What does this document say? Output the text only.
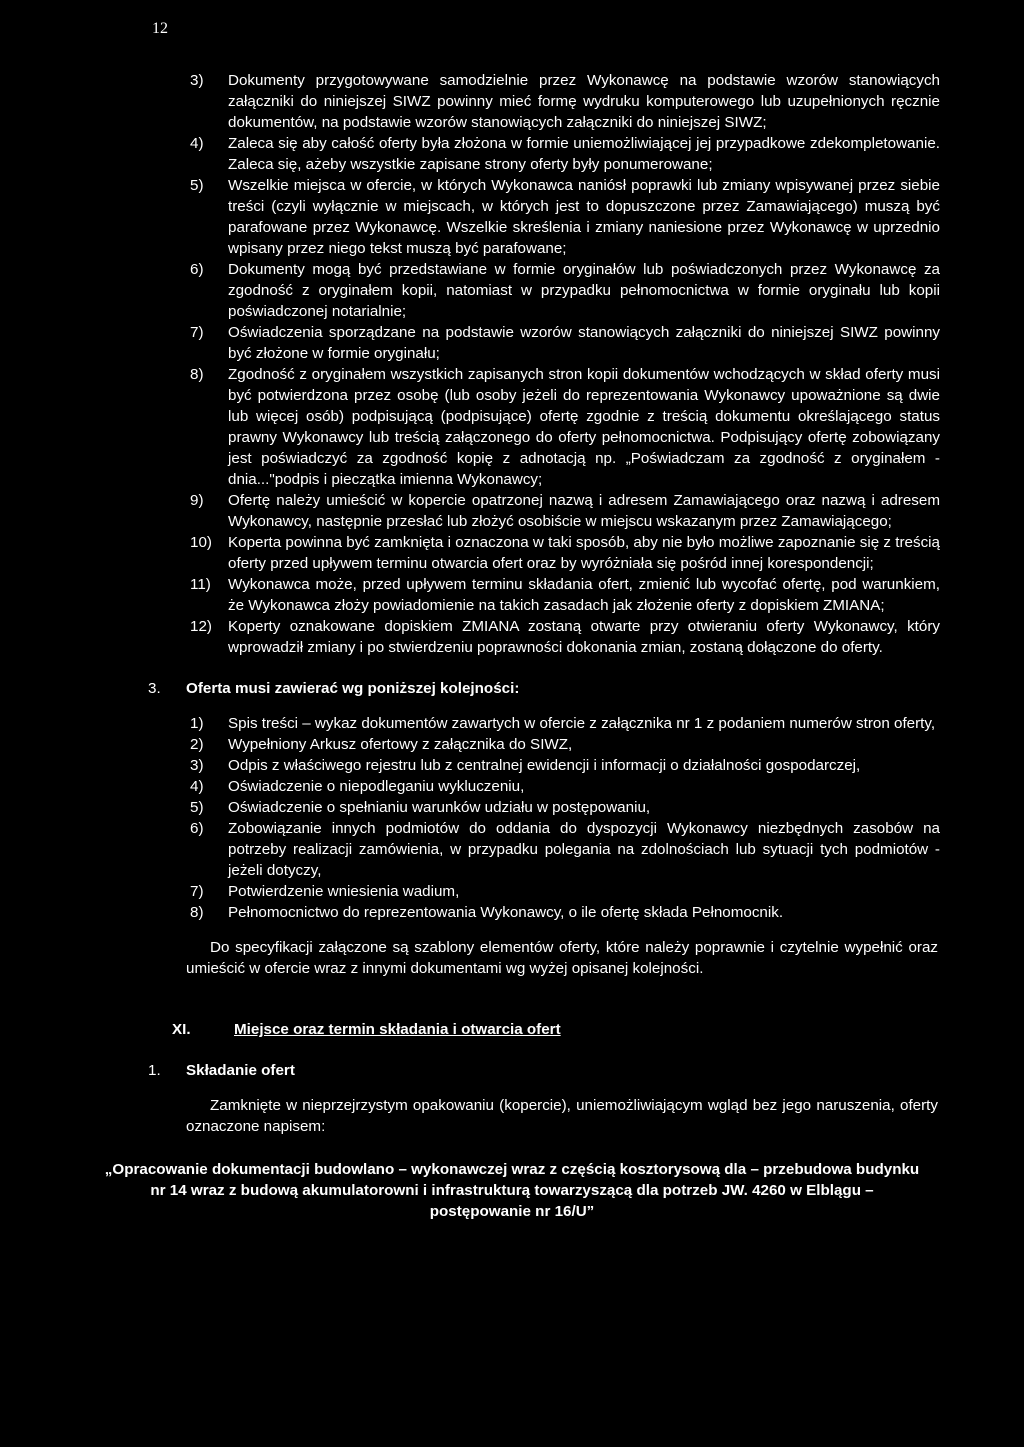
12
3)	Dokumenty przygotowywane samodzielnie przez Wykonawcę na podstawie wzorów stanowiących załączniki do niniejszej SIWZ powinny mieć formę wydruku komputerowego lub uzupełnionych ręcznie dokumentów, na podstawie wzorów stanowiących załączniki do niniejszej SIWZ;
4)	Zaleca się aby całość oferty była złożona w formie uniemożliwiającej jej przypadkowe zdekompletowanie. Zaleca się, ażeby wszystkie zapisane strony oferty były ponumerowane;
5)	Wszelkie miejsca w ofercie, w których Wykonawca naniósł poprawki lub zmiany wpisywanej przez siebie treści (czyli wyłącznie w miejscach, w których jest to dopuszczone przez Zamawiającego) muszą być parafowane przez Wykonawcę. Wszelkie skreślenia i zmiany naniesione przez Wykonawcę w uprzednio wpisany przez niego tekst muszą być parafowane;
6)	Dokumenty mogą być przedstawiane w formie oryginałów lub poświadczonych przez Wykonawcę za zgodność z oryginałem kopii, natomiast w przypadku pełnomocnictwa w formie oryginału lub kopii poświadczonej notarialnie;
7)	Oświadczenia sporządzane na podstawie wzorów stanowiących załączniki do niniejszej SIWZ powinny być złożone w formie oryginału;
8)	Zgodność z oryginałem wszystkich zapisanych stron kopii dokumentów wchodzących w skład oferty musi być potwierdzona przez osobę (lub osoby jeżeli do reprezentowania Wykonawcy upoważnione są dwie lub więcej osób) podpisującą (podpisujące) ofertę zgodnie z treścią dokumentu określającego status prawny Wykonawcy lub treścią załączonego do oferty pełnomocnictwa. Podpisujący ofertę zobowiązany jest poświadczyć za zgodność kopię z adnotacją np. „Poświadczam za zgodność z oryginałem - dnia..."podpis i pieczątka imienna Wykonawcy;
9)	Ofertę należy umieścić w kopercie opatrzonej nazwą i adresem Zamawiającego oraz nazwą i adresem Wykonawcy, następnie przesłać lub złożyć osobiście w miejscu wskazanym przez Zamawiającego;
10)	Koperta powinna być zamknięta i oznaczona w taki sposób, aby nie było możliwe zapoznanie się z treścią oferty przed upływem terminu otwarcia ofert oraz by wyróżniała się pośród innej korespondencji;
11)	Wykonawca może, przed upływem terminu składania ofert, zmienić lub wycofać ofertę, pod warunkiem, że Wykonawca złoży powiadomienie na takich zasadach jak złożenie oferty z dopiskiem ZMIANA;
12)	Koperty oznakowane dopiskiem ZMIANA zostaną otwarte przy otwieraniu oferty Wykonawcy, który wprowadził zmiany i po stwierdzeniu poprawności dokonania zmian, zostaną dołączone do oferty.
3.	Oferta musi zawierać wg poniższej kolejności:
1)	Spis treści – wykaz dokumentów zawartych w ofercie z załącznika nr 1 z podaniem numerów stron oferty,
2)	Wypełniony Arkusz ofertowy z załącznika do SIWZ,
3)	Odpis z właściwego rejestru lub z centralnej ewidencji i informacji o działalności gospodarczej,
4)	Oświadczenie o niepodleganiu wykluczeniu,
5)	Oświadczenie o spełnianiu warunków udziału w postępowaniu,
6)	Zobowiązanie innych podmiotów do oddania do dyspozycji Wykonawcy niezbędnych zasobów na potrzeby realizacji zamówienia, w przypadku polegania na zdolnościach lub sytuacji tych podmiotów - jeżeli dotyczy,
7)	Potwierdzenie wniesienia wadium,
8)	Pełnomocnictwo do reprezentowania Wykonawcy, o ile ofertę składa Pełnomocnik.
Do specyfikacji załączone są szablony elementów oferty, które należy poprawnie i czytelnie wypełnić oraz umieścić w ofercie wraz z innymi dokumentami wg wyżej opisanej kolejności.
XI.	Miejsce oraz termin składania i otwarcia ofert
1.	Składanie ofert
Zamknięte w nieprzejrzystym opakowaniu (kopercie), uniemożliwiającym wgląd bez jego naruszenia, oferty oznaczone napisem:
„Opracowanie dokumentacji budowlano – wykonawczej wraz z częścią kosztorysową dla – przebudowa budynku nr 14 wraz z budową akumulatorowni i infrastrukturą towarzyszącą dla potrzeb JW. 4260 w Elblągu – postępowanie nr 16/U”
